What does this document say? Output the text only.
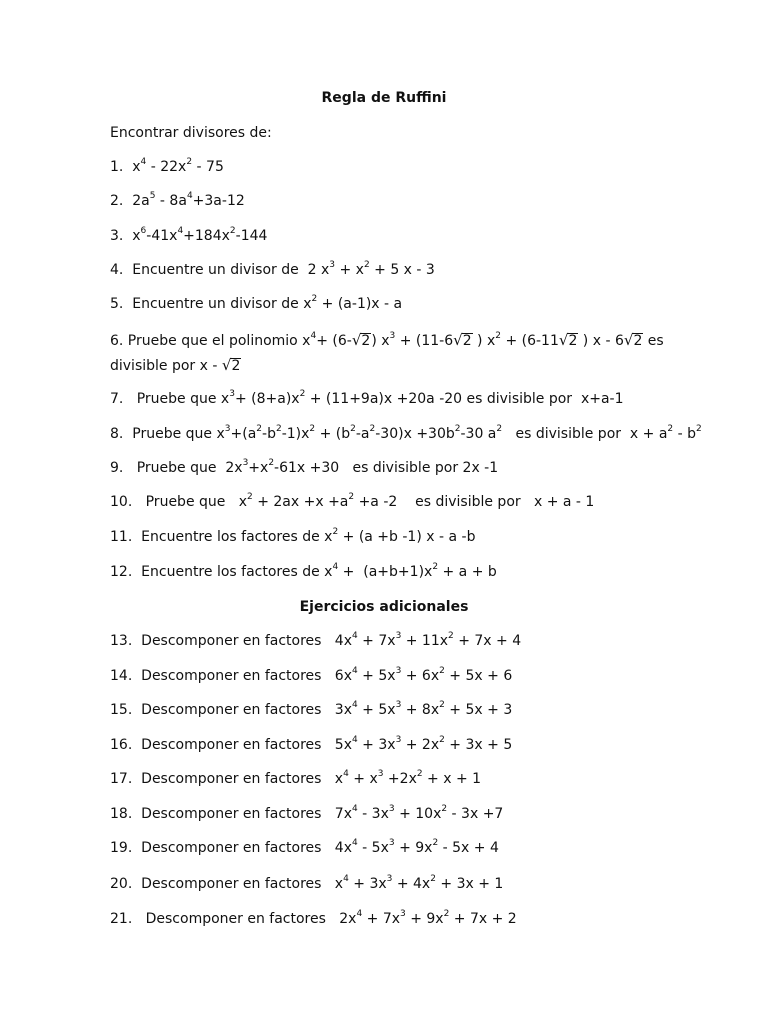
Regla de Ruffini
Encontrar divisores de:
1.  $x^4 - 22x^2 - 75$
2.  $2a^5 - 8a^4+3a-12$
3.  $x^6-41x^4+184x^2-144$
4.  Encuentre un divisor de  2 $x^3 + x^2 + 5$ x - 3
5.  Encuentre un divisor de $x^2 + (a-1)x - a$
6. Pruebe que el polinomio $x^4+ (6-√2) x^3 + (11-6√2$ ) $x^2 + (6-11√2$ ) x - 6√2 es divisible por x - √2
7.   Pruebe que $x^3+ (8+a)x^2 + (11+9a)x +20a$ -20 es divisible por  x+a-1
8.  Pruebe que $x^3+(a^2-b^2-1)x^2 + (b^2-a^2-30)x +30b^2-30$ $a^2$   es divisible por  $x + a^2 - b^2$
9.   Pruebe que  $2x^3+x^2-61x +30$   es divisible por 2x -1
10.   Pruebe que   $x^2 + 2ax +x +a^2 +a$ -2    es divisible por   x + a - 1
11.  Encuentre los factores de $x^2 + (a +b$ -1) x - a -b
12.  Encuentre los factores de $x^4 + (a+b+1)x^2 + a + b$
Ejercicios adicionales
13.  Descomponer en factores   $4x^4 + 7x^3 + 11x^2 + 7x + 4$
14.  Descomponer en factores   $6x^4 + 5x^3 + 6x^2 + 5x + 6$
15.  Descomponer en factores   $3x^4 + 5x^3 + 8x^2 + 5x + 3$
16.  Descomponer en factores   $5x^4 + 3x^3 + 2x^2 + 3x + 5$
17.  Descomponer en factores   $x^4 + x^3 +2x^2 + x + 1$
18.  Descomponer en factores   $7x^4 - 3x^3 + 10x^2 - 3x +7$
19.  Descomponer en factores   $4x^4 - 5x^3 + 9x^2 - 5x + 4$
20.  Descomponer en factores   $x^4 + 3x^3 + 4x^2 + 3x + 1$
21.   Descomponer en factores   $2x^4 + 7x^3 + 9x^2 + 7x + 2$
